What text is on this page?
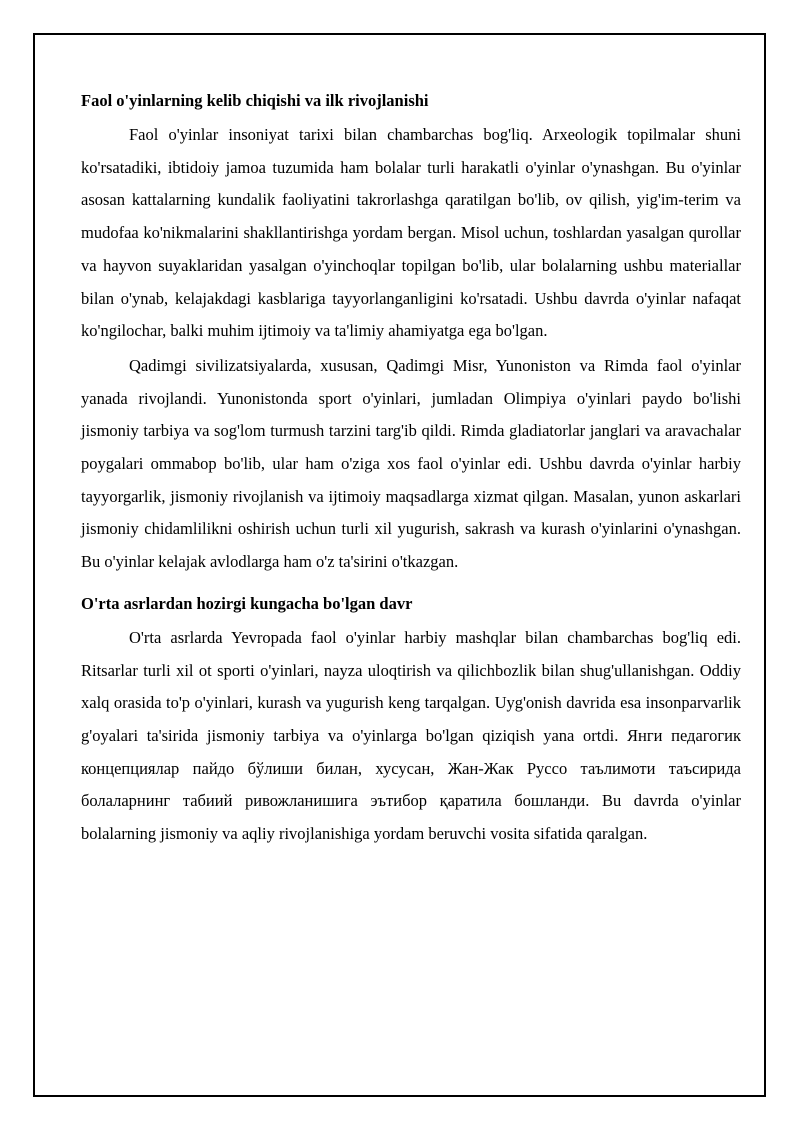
Faol o'yinlarning kelib chiqishi va ilk rivojlanishi

Faol o'yinlar insoniyat tarixi bilan chambarchas bog'liq. Arxeologik topilmalar shuni ko'rsatadiki, ibtidoiy jamoa tuzumida ham bolalar turli harakatli o'yinlar o'ynashgan. Bu o'yinlar asosan kattalarning kundalik faoliyatini takrorlashga qaratilgan bo'lib, ov qilish, yig'im-terim va mudofaa ko'nikmalarini shakllantirishga yordam bergan. Misol uchun, toshlardan yasalgan qurollar va hayvon suyaklaridan yasalgan o'yinchoqlar topilgan bo'lib, ular bolalarning ushbu materiallar bilan o'ynab, kelajakdagi kasblariga tayyorlanganligini ko'rsatadi. Ushbu davrda o'yinlar nafaqat ko'ngilochar, balki muhim ijtimoiy va ta'limiy ahamiyatga ega bo'lgan.

Qadimgi sivilizatsiyalarda, xususan, Qadimgi Misr, Yunoniston va Rimda faol o'yinlar yanada rivojlandi. Yunonistonda sport o'yinlari, jumladan Olimpiya o'yinlari paydo bo'lishi jismoniy tarbiya va sog'lom turmush tarzini targ'ib qildi. Rimda gladiatorlar janglari va aravachalar poygalari ommabop bo'lib, ular ham o'ziga xos faol o'yinlar edi. Ushbu davrda o'yinlar harbiy tayyorgarlik, jismoniy rivojlanish va ijtimoiy maqsadlarga xizmat qilgan. Masalan, yunon askarlari jismoniy chidamlilikni oshirish uchun turli xil yugurish, sakrash va kurash o'yinlarini o'ynashgan. Bu o'yinlar kelajak avlodlarga ham o'z ta'sirini o'tkazgan.

O'rta asrlardan hozirgi kungacha bo'lgan davr

O'rta asrlarda Yevropada faol o'yinlar harbiy mashqlar bilan chambarchas bog'liq edi. Ritsarlar turli xil ot sporti o'yinlari, nayza uloqtirish va qilichbozlik bilan shug'ullanishgan. Oddiy xalq orasida to'p o'yinlari, kurash va yugurish keng tarqalgan. Uyg'onish davrida esa insonparvarlik g'oyalari ta'sirida jismoniy tarbiya va o'yinlarga bo'lgan qiziqish yana ortdi. Янги педагогик концепциялар пайдо бўлиши билан, хусусан, Жан-Жак Руссо таълимоти таъсирида болаларнинг табиий ривожланишига эътибор қаратила бошланди. Bu davrda o'yinlar bolalarning jismoniy va aqliy rivojlanishiga yordam beruvchi vosita sifatida qaralgan.
